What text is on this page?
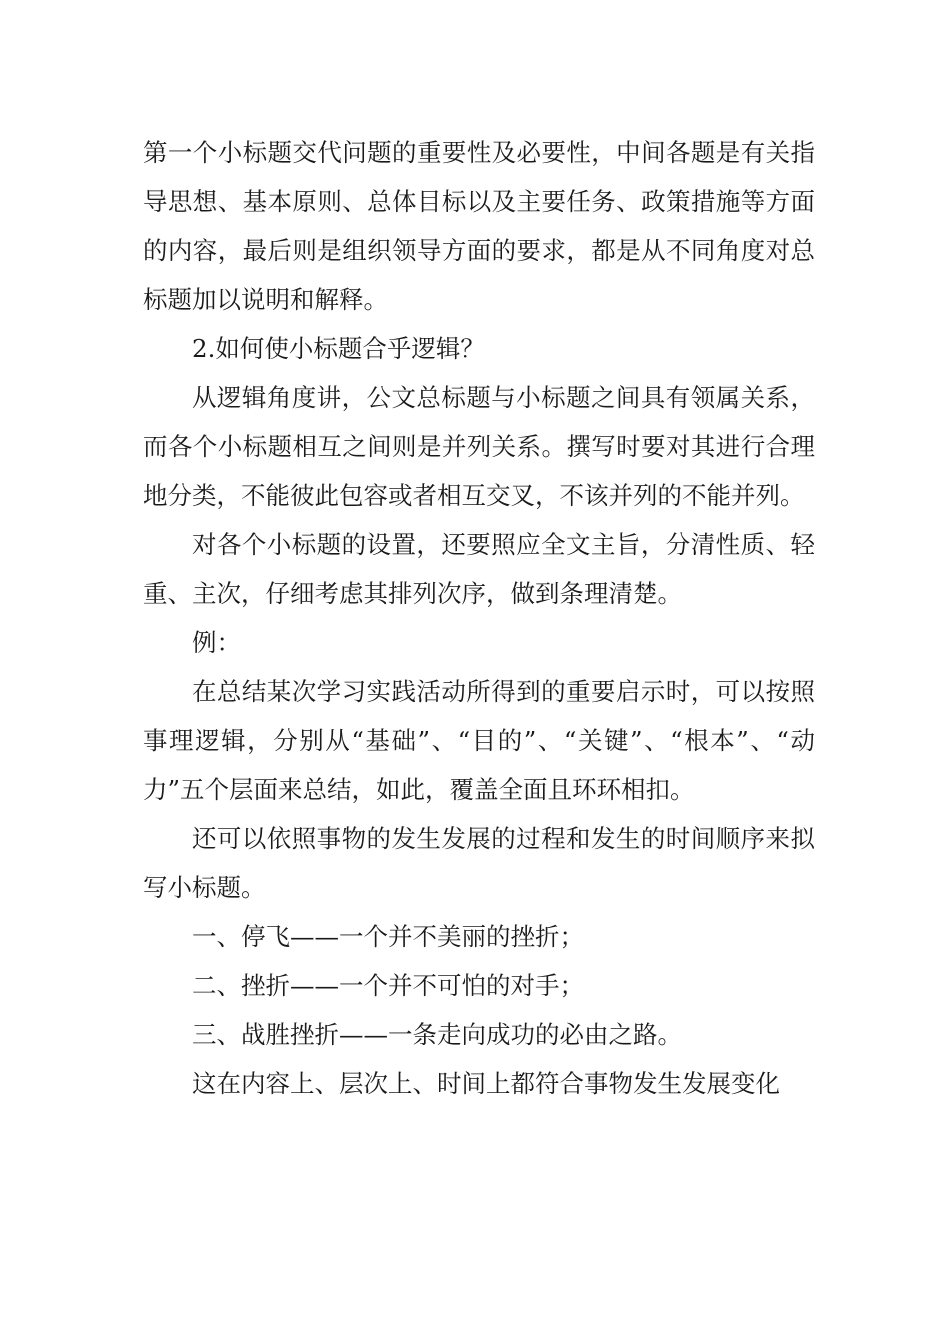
第一个小标题交代问题的重要性及必要性，中间各题是有关指导思想、基本原则、总体目标以及主要任务、政策措施等方面的内容，最后则是组织领导方面的要求，都是从不同角度对总标题加以说明和解释。

2.如何使小标题合乎逻辑？

从逻辑角度讲，公文总标题与小标题之间具有领属关系，而各个小标题相互之间则是并列关系。撰写时要对其进行合理地分类，不能彼此包容或者相互交叉，不该并列的不能并列。

对各个小标题的设置，还要照应全文主旨，分清性质、轻重、主次，仔细考虑其排列次序，做到条理清楚。

例：

在总结某次学习实践活动所得到的重要启示时，可以按照事理逻辑，分别从“基础”、“目的”、“关键”、“根本”、“动力”五个层面来总结，如此，覆盖全面且环环相扣。

还可以依照事物的发生发展的过程和发生的时间顺序来拟写小标题。

一、停飞——一个并不美丽的挫折；

二、挫折——一个并不可怕的对手；

三、战胜挫折——一条走向成功的必由之路。

这在内容上、层次上、时间上都符合事物发生发展变化
